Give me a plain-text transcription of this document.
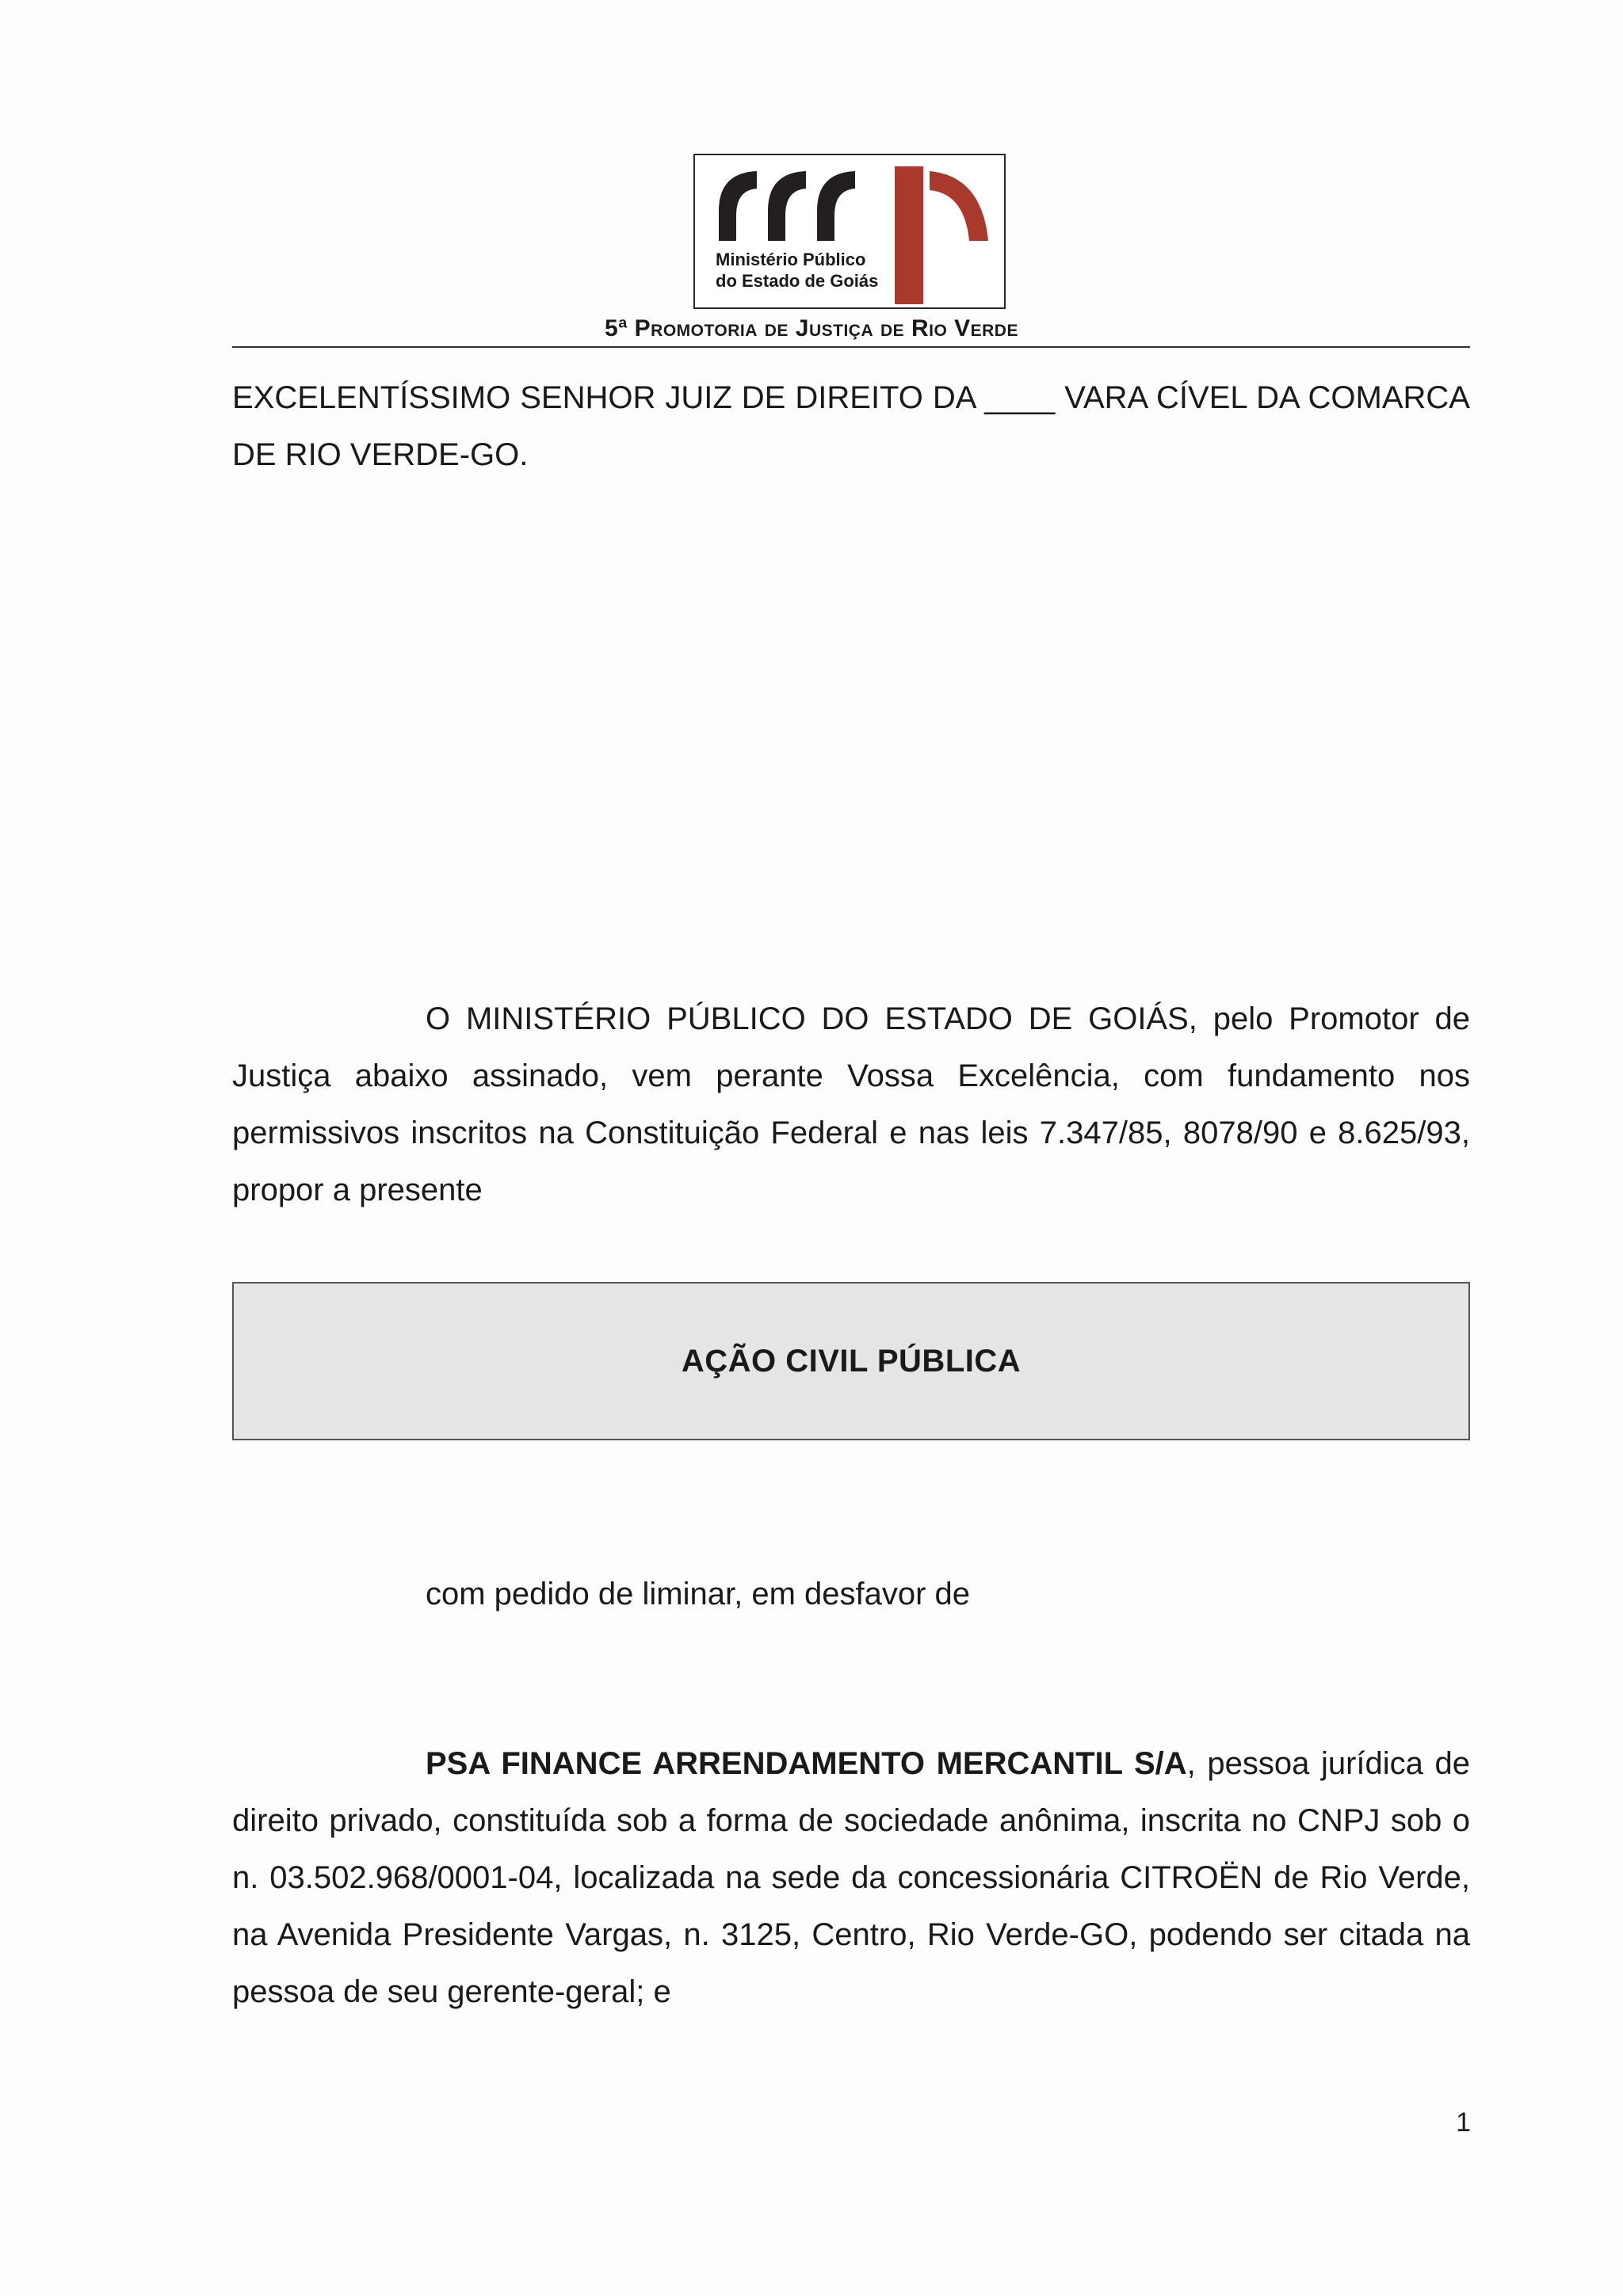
Ministério Público
do Estado de Goiás
5ª Promotoria de Justiça de Rio Verde
EXCELENTÍSSIMO SENHOR JUIZ DE DIREITO DA ____ VARA CÍVEL DA COMARCA DE RIO VERDE-GO.
O MINISTÉRIO PÚBLICO DO ESTADO DE GOIÁS, pelo Promotor de Justiça abaixo assinado, vem perante Vossa Excelência, com fundamento nos permissivos inscritos na Constituição Federal e nas leis 7.347/85, 8078/90 e 8.625/93, propor a presente
AÇÃO CIVIL PÚBLICA
com pedido de liminar, em desfavor de
PSA FINANCE ARRENDAMENTO MERCANTIL S/A, pessoa jurídica de direito privado, constituída sob a forma de sociedade anônima, inscrita no CNPJ sob o n. 03.502.968/0001-04, localizada na sede da concessionária CITROËN de Rio Verde, na Avenida Presidente Vargas, n. 3125, Centro, Rio Verde-GO, podendo ser citada na pessoa de seu gerente-geral; e
1
